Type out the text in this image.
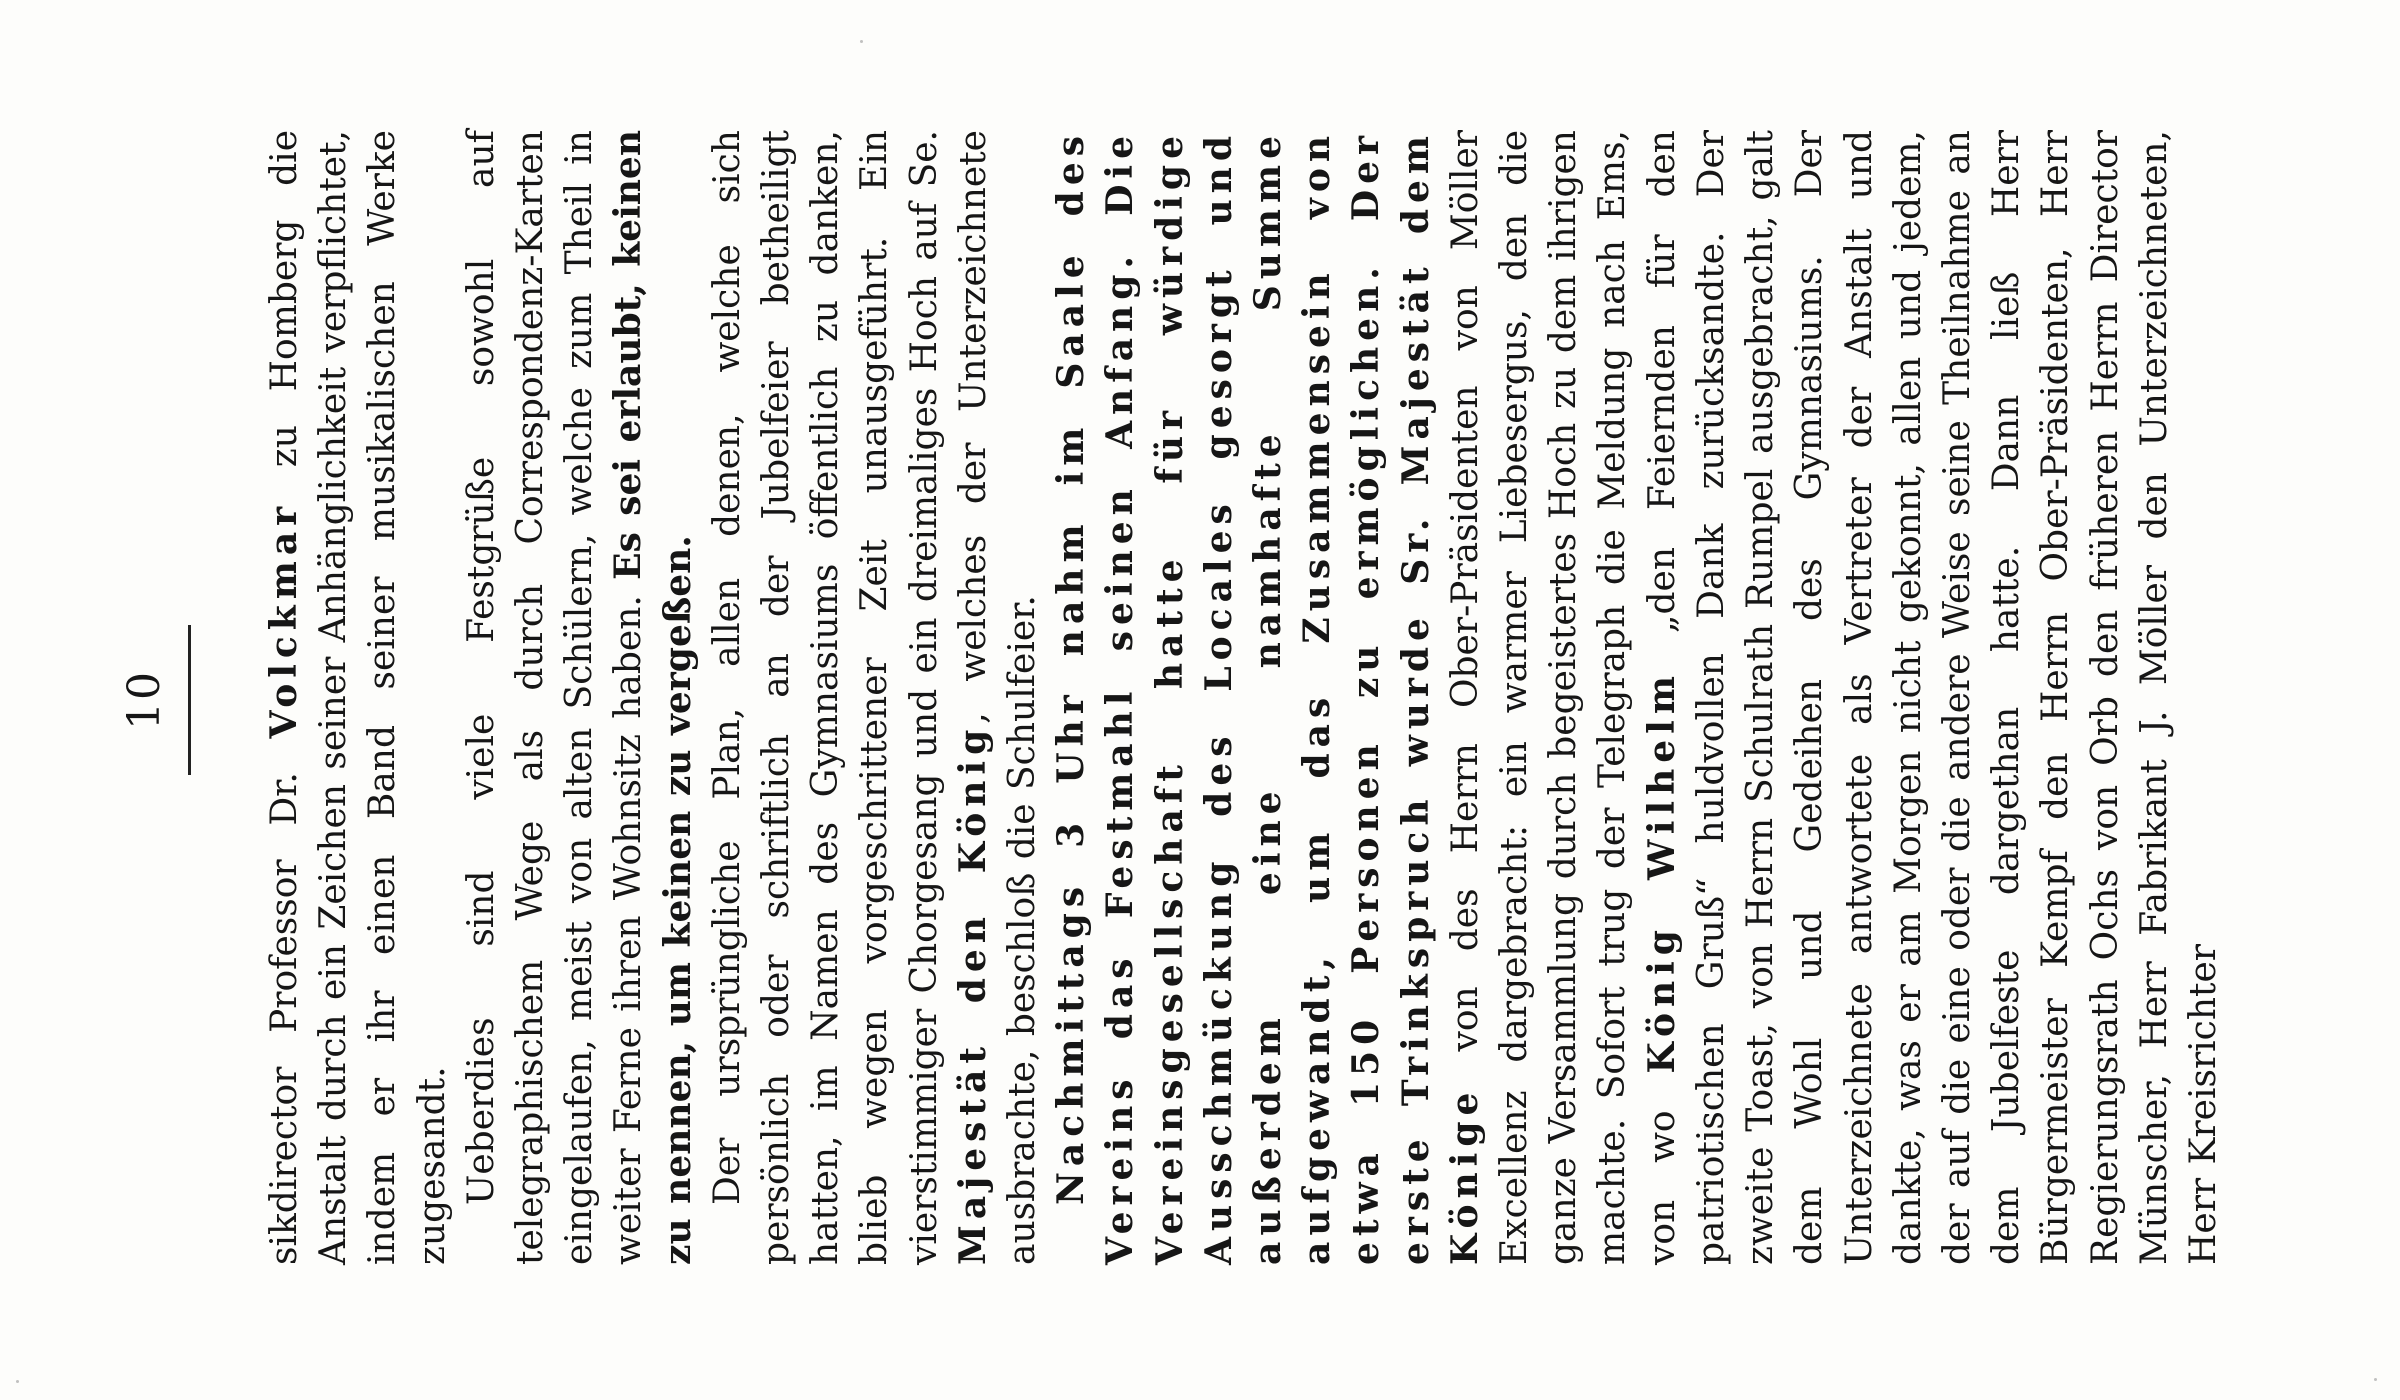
10

sikdirector Professor Dr. Volckmar zu Homberg die Anstalt durch ein Zeichen seiner Anhänglichkeit verpflichtet, indem er ihr einen Band seiner musikalischen Werke zugesandt. Ueberdies sind viele Festgrüße sowohl auf telegraphischem Wege als durch Correspondenz-Karten eingelaufen, meist von alten Schülern, welche zum Theil in weiter Ferne ihren Wohnsitz haben. Es sei erlaubt, keinen zu nennen, um keinen zu vergeßen. Der ursprüngliche Plan, allen denen, welche sich persönlich oder schriftlich an der Jubelfeier betheiligt hatten, im Namen des Gymnasiums öffentlich zu danken, blieb wegen vorgeschrittener Zeit unausgeführt. Ein vierstimmiger Chorgesang und ein dreimaliges Hoch auf Se. Majestät den König, welches der Unterzeichnete ausbrachte, beschloß die Schulfeier. Nachmittags 3 Uhr nahm im Saale des Vereins das Festmahl seinen Anfang. Die Vereinsgesellschaft hatte für würdige Ausschmückung des Locales gesorgt und außerdem eine namhafte Summe aufgewandt, um das Zusammensein von etwa 150 Personen zu ermöglichen. Der erste Trinkspruch wurde Sr. Majestät dem Könige von des Herrn Ober-Präsidenten von Möller Excellenz dargebracht: ein warmer Liebesergus, den die ganze Versammlung durch begeistertes Hoch zu dem ihrigen machte. Sofort trug der Telegraph die Meldung nach Ems, von wo König Wilhelm „den Feiernden für den patriotischen Gruß“ huldvollen Dank zurücksandte. Der zweite Toast, von Herrn Schulrath Rumpel ausgebracht, galt dem Wohl und Gedeihen des Gymnasiums. Der Unterzeichnete antwortete als Vertreter der Anstalt und dankte, was er am Morgen nicht gekonnt, allen und jedem, der auf die eine oder die andere Weise seine Theilnahme an dem Jubelfeste dargethan hatte. Dann ließ Herr Bürgermeister Kempf den Herrn Ober-Präsidenten, Herr Regierungsrath Ochs von Orb den früheren Herrn Director Münscher, Herr Fabrikant J. Möller den Unterzeichneten, Herr Kreisrichter
